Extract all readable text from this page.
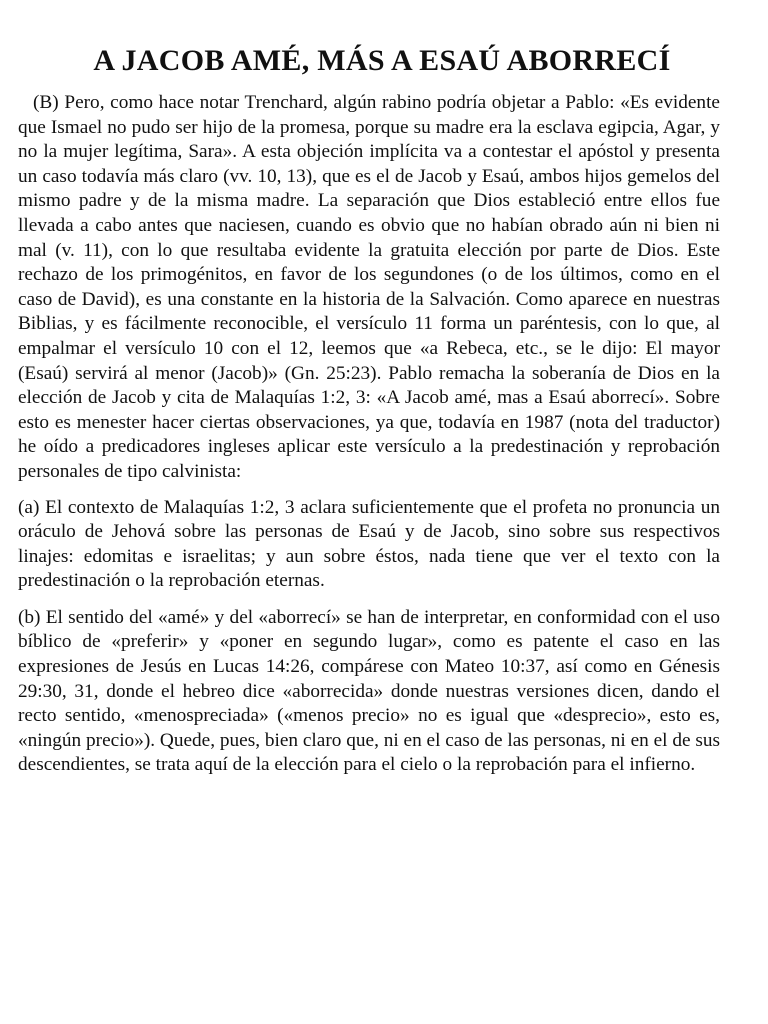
A JACOB AMÉ, MÁS A ESAÚ ABORRECÍ

(B) Pero, como hace notar Trenchard, algún rabino podría objetar a Pablo: «Es evidente que Ismael no pudo ser hijo de la promesa, porque su madre era la esclava egipcia, Agar, y no la mujer legítima, Sara». A esta objeción implícita va a contestar el apóstol y presenta un caso todavía más claro (vv. 10, 13), que es el de Jacob y Esaú, ambos hijos gemelos del mismo padre y de la misma madre. La separación que Dios estableció entre ellos fue llevada a cabo antes que naciesen, cuando es obvio que no habían obrado aún ni bien ni mal (v. 11), con lo que resultaba evidente la gratuita elección por parte de Dios. Este rechazo de los primogénitos, en favor de los segundones (o de los últimos, como en el caso de David), es una constante en la historia de la Salvación. Como aparece en nuestras Biblias, y es fácilmente reconocible, el versículo 11 forma un paréntesis, con lo que, al empalmar el versículo 10 con el 12, leemos que «a Rebeca, etc., se le dijo: El mayor (Esaú) servirá al menor (Jacob)» (Gn. 25:23). Pablo remacha la soberanía de Dios en la elección de Jacob y cita de Malaquías 1:2, 3: «A Jacob amé, mas a Esaú aborrecí». Sobre esto es menester hacer ciertas observaciones, ya que, todavía en 1987 (nota del traductor) he oído a predicadores ingleses aplicar este versículo a la predestinación y reprobación personales de tipo calvinista:

(a) El contexto de Malaquías 1:2, 3 aclara suficientemente que el profeta no pronuncia un oráculo de Jehová sobre las personas de Esaú y de Jacob, sino sobre sus respectivos linajes: edomitas e israelitas; y aun sobre éstos, nada tiene que ver el texto con la predestinación o la reprobación eternas.

(b) El sentido del «amé» y del «aborrecí» se han de interpretar, en conformidad con el uso bíblico de «preferir» y «poner en segundo lugar», como es patente el caso en las expresiones de Jesús en Lucas 14:26, compárese con Mateo 10:37, así como en Génesis 29:30, 31, donde el hebreo dice «aborrecida» donde nuestras versiones dicen, dando el recto sentido, «menospreciada» («menos precio» no es igual que «desprecio», esto es, «ningún precio»). Quede, pues, bien claro que, ni en el caso de las personas, ni en el de sus descendientes, se trata aquí de la elección para el cielo o la reprobación para el infierno.
